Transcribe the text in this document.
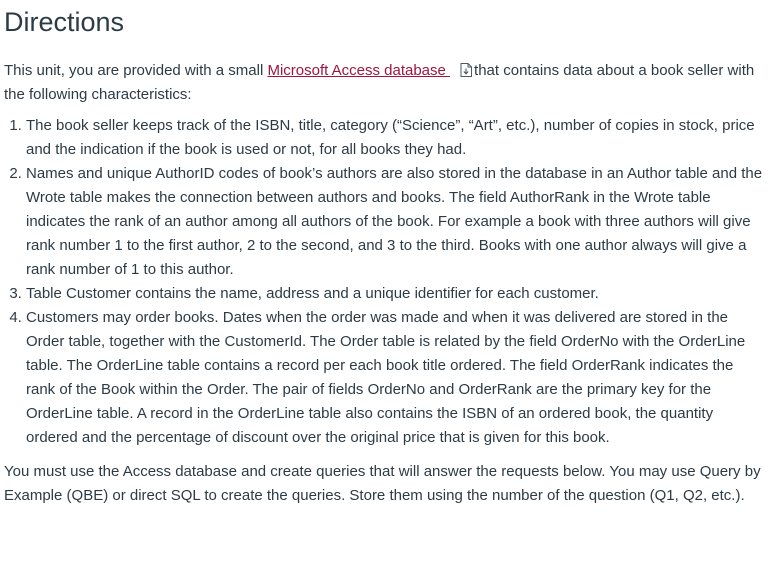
Directions

This unit, you are provided with a small Microsoft Access database that contains data about a book seller with the following characteristics:

1. The book seller keeps track of the ISBN, title, category (“Science”, “Art”, etc.), number of copies in stock, price and the indication if the book is used or not, for all books they had.
2. Names and unique AuthorID codes of book’s authors are also stored in the database in an Author table and the Wrote table makes the connection between authors and books. The field AuthorRank in the Wrote table indicates the rank of an author among all authors of the book. For example a book with three authors will give rank number 1 to the first author, 2 to the second, and 3 to the third. Books with one author always will give a rank number of 1 to this author.
3. Table Customer contains the name, address and a unique identifier for each customer.
4. Customers may order books. Dates when the order was made and when it was delivered are stored in the Order table, together with the CustomerId. The Order table is related by the field OrderNo with the OrderLine table. The OrderLine table contains a record per each book title ordered. The field OrderRank indicates the rank of the Book within the Order. The pair of fields OrderNo and OrderRank are the primary key for the OrderLine table. A record in the OrderLine table also contains the ISBN of an ordered book, the quantity ordered and the percentage of discount over the original price that is given for this book.

You must use the Access database and create queries that will answer the requests below. You may use Query by Example (QBE) or direct SQL to create the queries. Store them using the number of the question (Q1, Q2, etc.).
